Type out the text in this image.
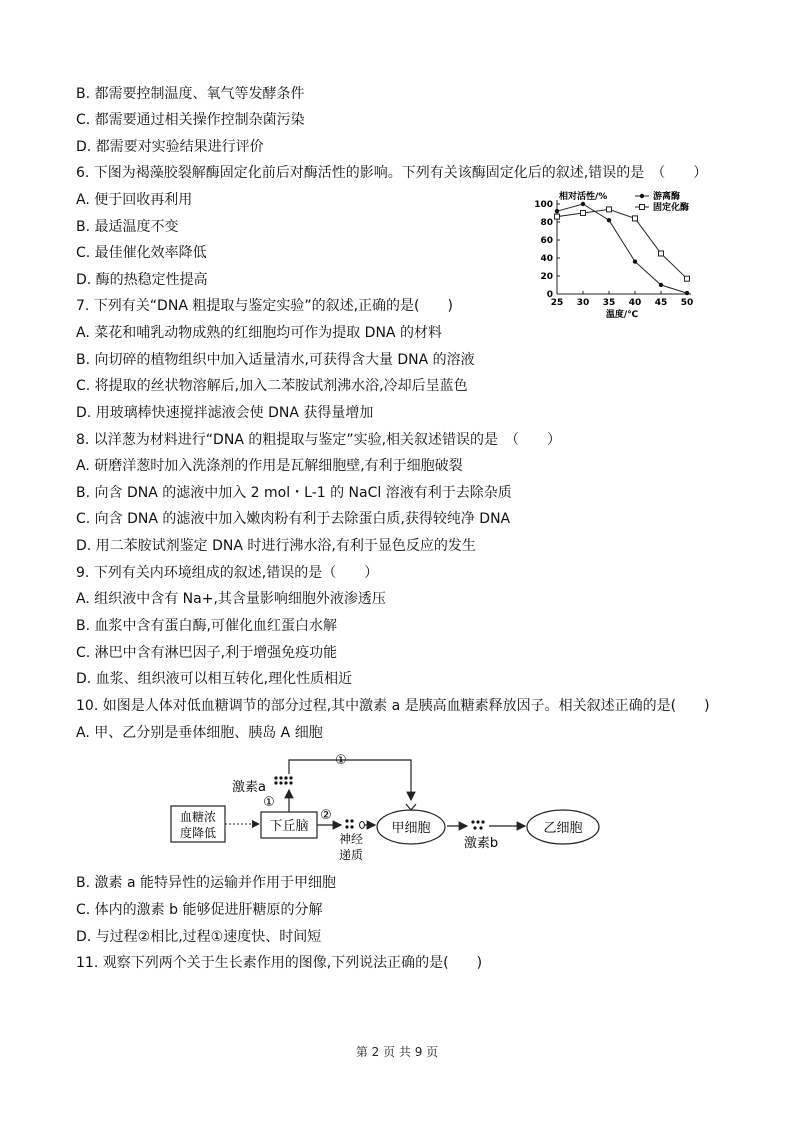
B. 都需要控制温度、氧气等发酵条件
C. 都需要通过相关操作控制杂菌污染
D. 都需要对实验结果进行评价
6. 下图为褐藻胶裂解酶固定化前后对酶活性的影响。下列有关该酶固定化后的叙述,错误的是　（　　）
A. 便于回收再利用
B. 最适温度不变
C. 最佳催化效率降低
D. 酶的热稳定性提高
7. 下列有关“DNA 粗提取与鉴定实验”的叙述,正确的是(　　)
A. 菜花和哺乳动物成熟的红细胞均可作为提取 DNA 的材料
B. 向切碎的植物组织中加入适量清水,可获得含大量 DNA 的溶液
C. 将提取的丝状物溶解后,加入二苯胺试剂沸水浴,冷却后呈蓝色
D. 用玻璃棒快速搅拌滤液会使 DNA 获得量增加
8. 以洋葱为材料进行“DNA 的粗提取与鉴定”实验,相关叙述错误的是　（　　）
A. 研磨洋葱时加入洗涤剂的作用是瓦解细胞壁,有利于细胞破裂
B. 向含 DNA 的滤液中加入 2 mol・L-1 的 NaCl 溶液有利于去除杂质
C. 向含 DNA 的滤液中加入嫩肉粉有利于去除蛋白质,获得较纯净 DNA
D. 用二苯胺试剂鉴定 DNA 时进行沸水浴,有利于显色反应的发生
9. 下列有关内环境组成的叙述,错误的是（　　）
A. 组织液中含有 Na+,其含量影响细胞外液渗透压
B. 血浆中含有蛋白酶,可催化血红蛋白水解
C. 淋巴中含有淋巴因子,利于增强免疫功能
D. 血浆、组织液可以相互转化,理化性质相近
10. 如图是人体对低血糖调节的部分过程,其中激素 a 是胰高血糖素释放因子。相关叙述正确的是(　　)
A. 甲、乙分别是垂体细胞、胰岛 A 细胞
B. 激素 a 能特异性的运输并作用于甲细胞
C. 体内的激素 b 能够促进肝糖原的分解
D. 与过程②相比,过程①速度快、时间短
11. 观察下列两个关于生长素作用的图像,下列说法正确的是(　　)
0
20
40
60
80
100
25 30 35 40 45 50
相对活性/%
温度/℃
游离酶
固定化酶
血糖浓
度降低	下丘脑
激素a
①
①
②
神经
递质
甲细胞
激素b
乙细胞
第 2 页 共 9 页
